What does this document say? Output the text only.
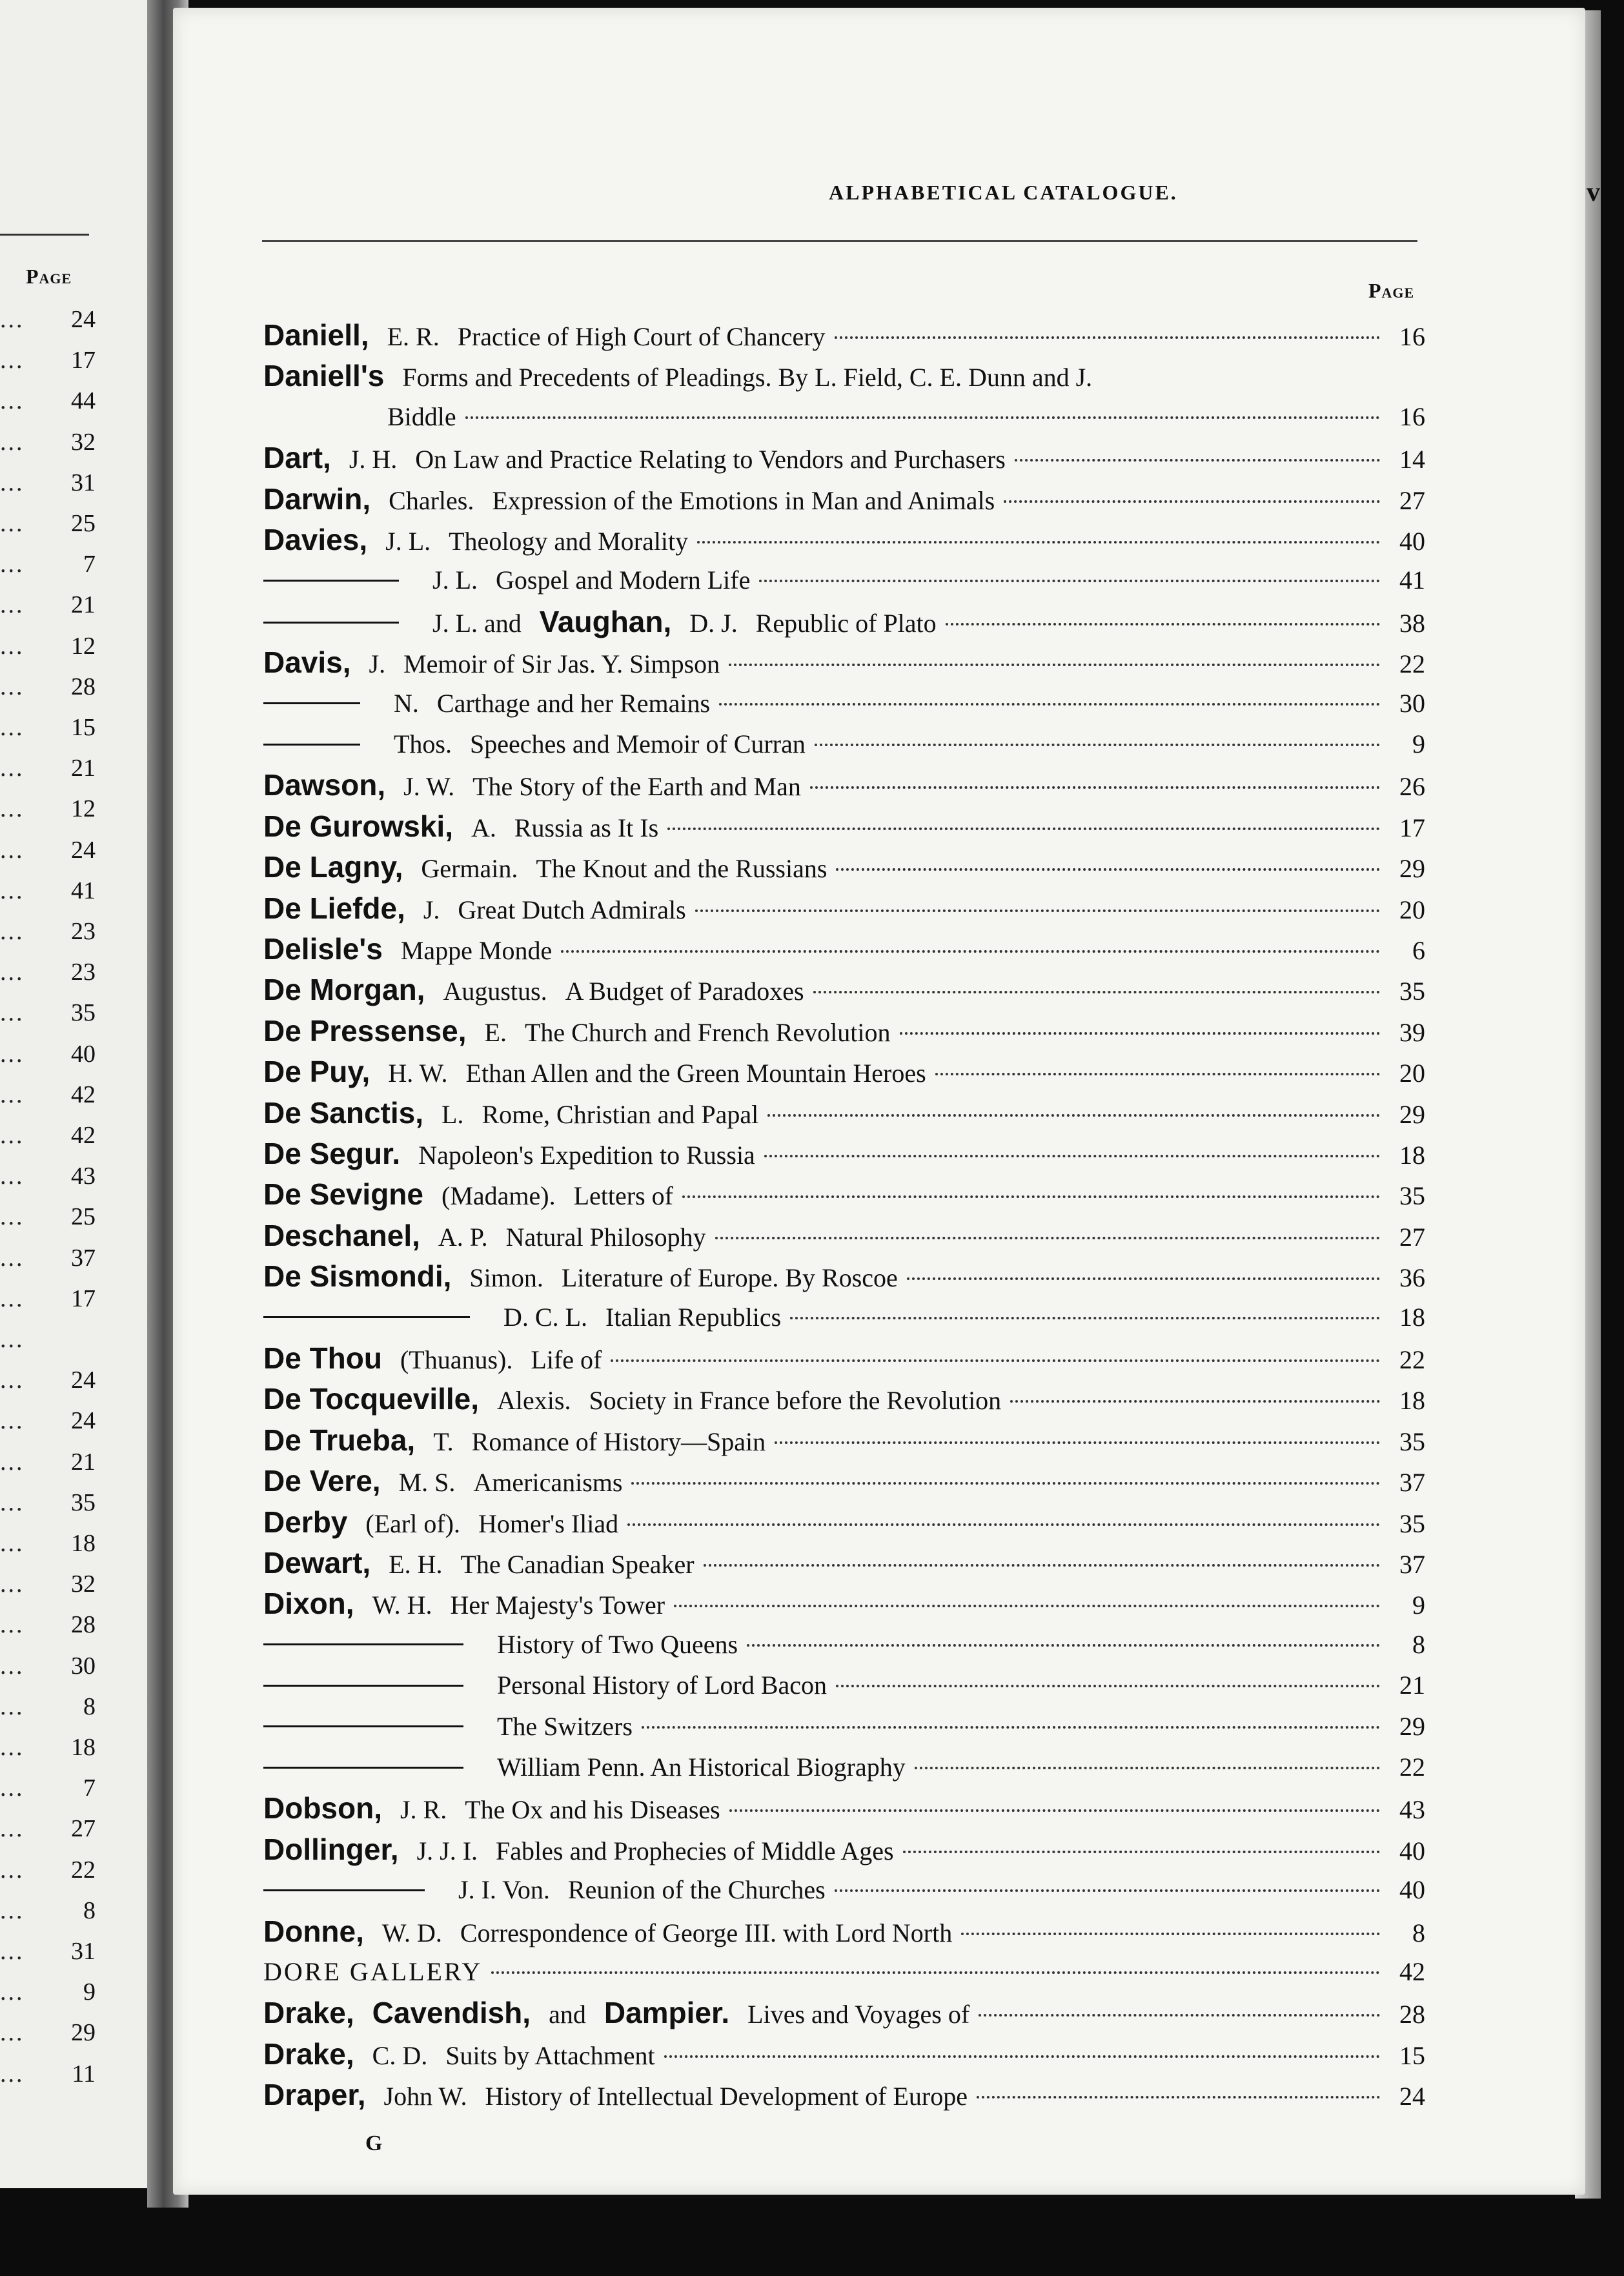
Page
... 24
... 17
... 44
... 32
... 31
... 25
... 7
... 21
... 12
... 28
... 15
... 21
... 12
... 24
... 41
... 23
... 23
... 35
... 40
... 42
... 42
... 43
... 25
... 37
... 17
...
... 24
... 24
... 21
... 35
... 18
... 32
... 28
... 30
... 8
... 18
... 7
... 27
... 22
... 8
... 31
... 9
... 29
... 11
ALPHABETICAL CATALOGUE.	v
Page
Daniell, E. R. Practice of High Court of Chancery	16
Daniell's Forms and Precedents of Pleadings. By L. Field, C. E. Dunn and J.
Biddle	16
Dart, J. H. On Law and Practice Relating to Vendors and Purchasers	14
Darwin, Charles. Expression of the Emotions in Man and Animals	27
Davies, J. L. Theology and Morality	40
J. L. Gospel and Modern Life	41
J. L. and Vaughan, D. J. Republic of Plato	38
Davis, J. Memoir of Sir Jas. Y. Simpson	22
N. Carthage and her Remains	30
Thos. Speeches and Memoir of Curran	9
Dawson, J. W. The Story of the Earth and Man	26
De Gurowski, A. Russia as It Is	17
De Lagny, Germain. The Knout and the Russians	29
De Liefde, J. Great Dutch Admirals	20
Delisle's Mappe Monde	6
De Morgan, Augustus. A Budget of Paradoxes	35
De Pressense, E. The Church and French Revolution	39
De Puy, H. W. Ethan Allen and the Green Mountain Heroes	20
De Sanctis, L. Rome, Christian and Papal	29
De Segur. Napoleon's Expedition to Russia	18
De Sevigne (Madame). Letters of	35
Deschanel, A. P. Natural Philosophy	27
De Sismondi, Simon. Literature of Europe. By Roscoe	36
D. C. L. Italian Republics	18
De Thou (Thuanus). Life of	22
De Tocqueville, Alexis. Society in France before the Revolution	18
De Trueba, T. Romance of History—Spain	35
De Vere, M. S. Americanisms	37
Derby (Earl of). Homer's Iliad	35
Dewart, E. H. The Canadian Speaker	37
Dixon, W. H. Her Majesty's Tower	9
History of Two Queens	8
Personal History of Lord Bacon	21
The Switzers	29
William Penn. An Historical Biography	22
Dobson, J. R. The Ox and his Diseases	43
Dollinger, J. J. I. Fables and Prophecies of Middle Ages	40
J. I. Von. Reunion of the Churches	40
Donne, W. D. Correspondence of George III. with Lord North	8
DORE GALLERY	42
Drake, Cavendish, and Dampier. Lives and Voyages of	28
Drake, C. D. Suits by Attachment	15
Draper, John W. History of Intellectual Development of Europe	24
G
